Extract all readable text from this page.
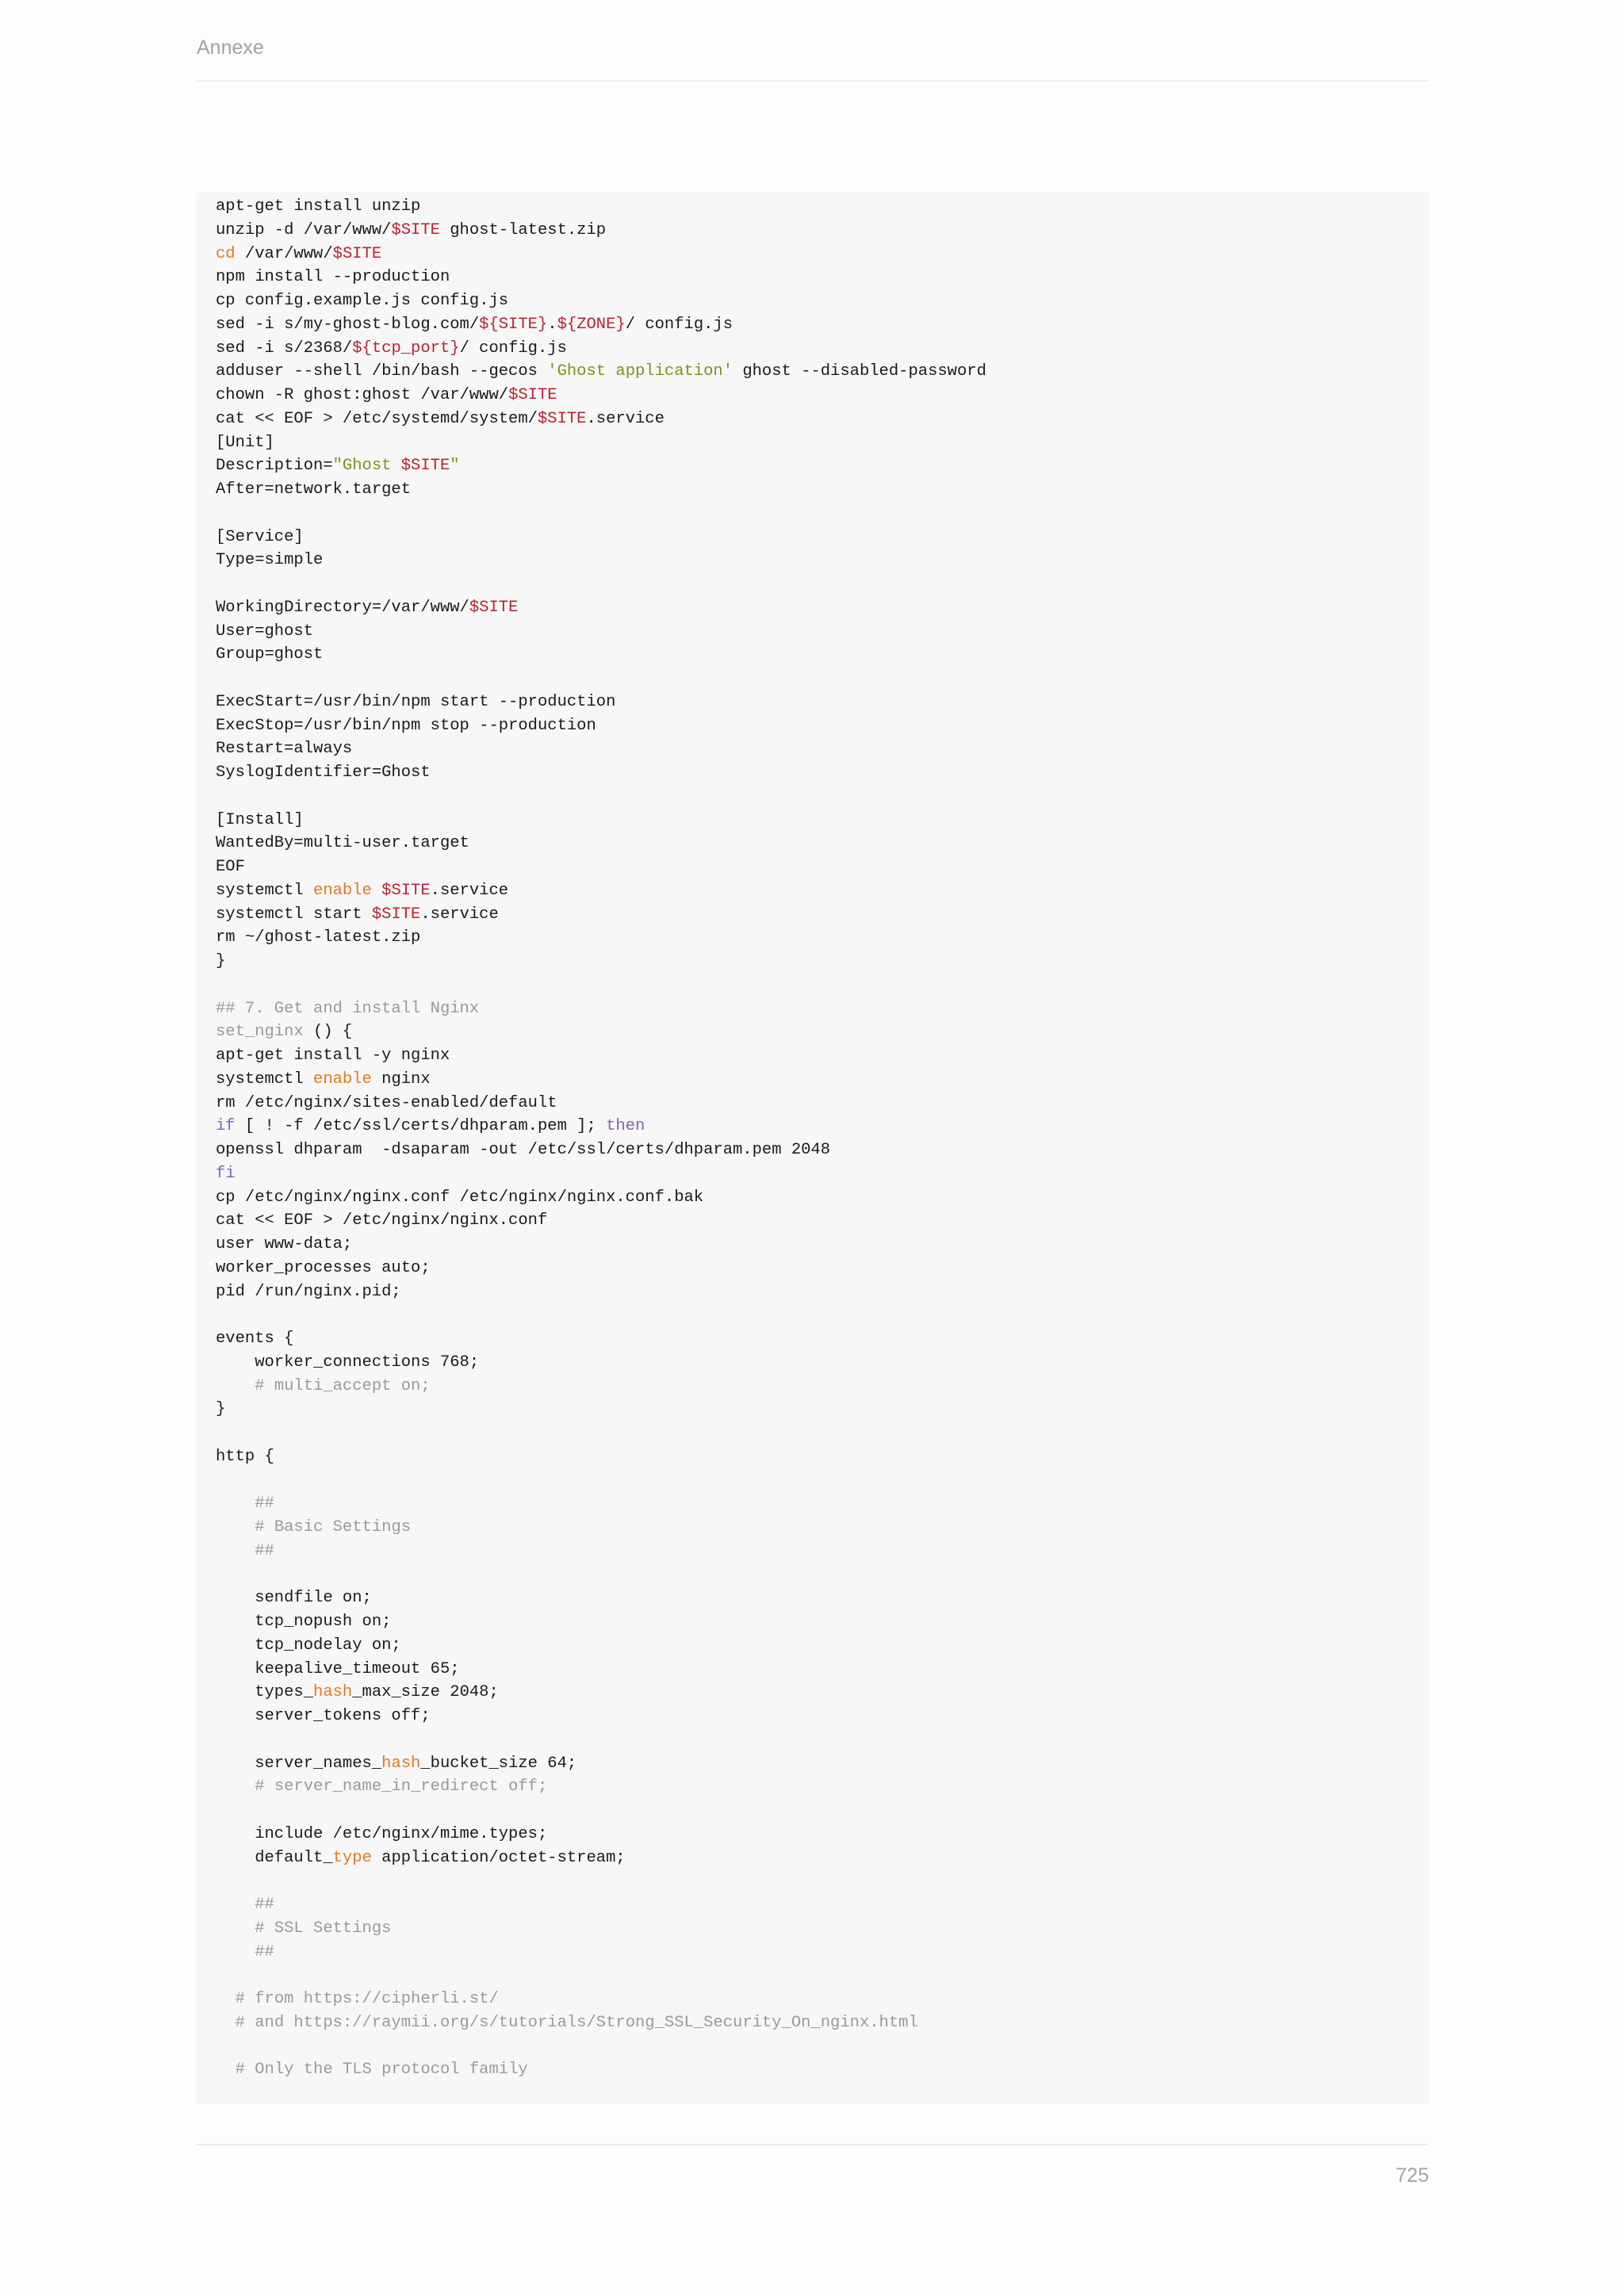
Annexe
apt-get install unzip
unzip -d /var/www/$SITE ghost-latest.zip
cd /var/www/$SITE
npm install --production
cp config.example.js config.js
sed -i s/my-ghost-blog.com/${SITE}.${ZONE}/ config.js
sed -i s/2368/${tcp_port}/ config.js
adduser --shell /bin/bash --gecos 'Ghost application' ghost --disabled-password
chown -R ghost:ghost /var/www/$SITE
cat << EOF > /etc/systemd/system/$SITE.service
[Unit]
Description="Ghost $SITE"
After=network.target
[Service]
Type=simple
WorkingDirectory=/var/www/$SITE
User=ghost
Group=ghost
ExecStart=/usr/bin/npm start --production
ExecStop=/usr/bin/npm stop --production
Restart=always
SyslogIdentifier=Ghost
[Install]
WantedBy=multi-user.target
EOF
systemctl enable $SITE.service
systemctl start $SITE.service
rm ~/ghost-latest.zip
}
## 7. Get and install Nginx
set_nginx () {
apt-get install -y nginx
systemctl enable nginx
rm /etc/nginx/sites-enabled/default
if [ ! -f /etc/ssl/certs/dhparam.pem ]; then
openssl dhparam  -dsaparam -out /etc/ssl/certs/dhparam.pem 2048
fi
cp /etc/nginx/nginx.conf /etc/nginx/nginx.conf.bak
cat << EOF > /etc/nginx/nginx.conf
user www-data;
worker_processes auto;
pid /run/nginx.pid;
events {
worker_connections 768;
# multi_accept on;
}
http {
##
# Basic Settings
##
sendfile on;
tcp_nopush on;
tcp_nodelay on;
keepalive_timeout 65;
types_hash_max_size 2048;
server_tokens off;
server_names_hash_bucket_size 64;
# server_name_in_redirect off;
include /etc/nginx/mime.types;
default_type application/octet-stream;
##
# SSL Settings
##
# from https://cipherli.st/
# and https://raymii.org/s/tutorials/Strong_SSL_Security_On_nginx.html
# Only the TLS protocol family
725
